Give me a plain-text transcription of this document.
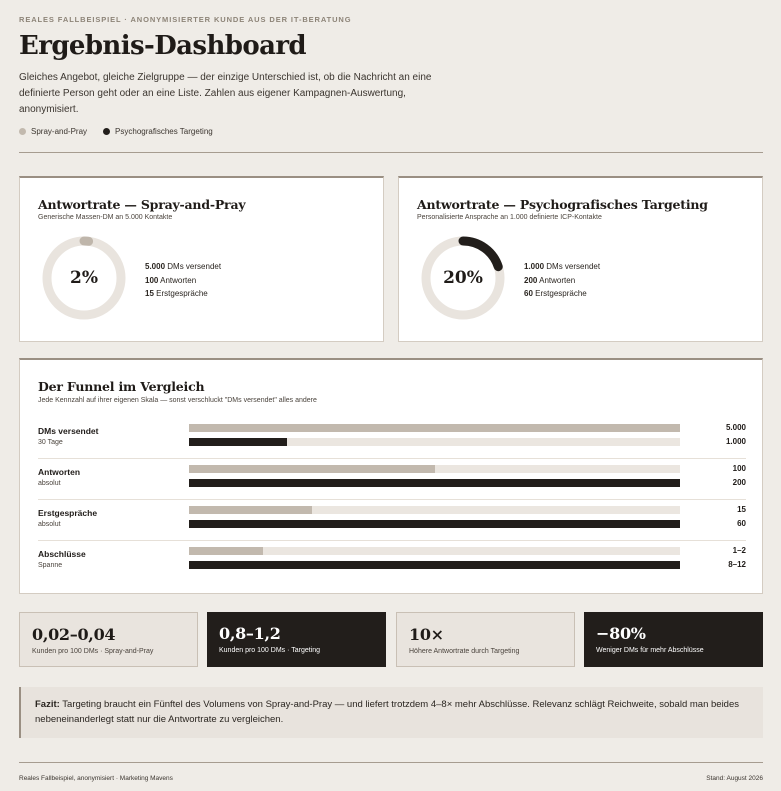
REALES FALLBEISPIEL · ANONYMISIERTER KUNDE AUS DER IT-BERATUNG
Ergebnis-Dashboard
Gleiches Angebot, gleiche Zielgruppe — der einzige Unterschied ist, ob die Nachricht an eine definierte Person geht oder an eine Liste. Zahlen aus eigener Kampagnen-Auswertung, anonymisiert.
Spray-and-Pray	Psychografisches Targeting
Antwortrate — Spray-and-Pray
Generische Massen-DM an 5.000 Kontakte
2%
5.000 DMs versendet
100 Antworten
15 Erstgespräche
Antwortrate — Psychografisches Targeting
Personalisierte Ansprache an 1.000 definierte ICP-Kontakte
20%
1.000 DMs versendet
200 Antworten
60 Erstgespräche
Der Funnel im Vergleich
Jede Kennzahl auf ihrer eigenen Skala — sonst verschluckt "DMs versendet" alles andere
DMs versendet
30 Tage
5.000
1.000
Antworten
absolut
100
200
Erstgespräche
absolut
15
60
Abschlüsse
Spanne
1–2
8–12
0,02–0,04
Kunden pro 100 DMs · Spray-and-Pray
0,8–1,2
Kunden pro 100 DMs · Targeting
10×
Höhere Antwortrate durch Targeting
−80%
Weniger DMs für mehr Abschlüsse
Fazit: Targeting braucht ein Fünftel des Volumens von Spray-and-Pray — und liefert trotzdem 4–8× mehr Abschlüsse. Relevanz schlägt Reichweite, sobald man beides nebeneinanderlegt statt nur die Antwortrate zu vergleichen.
Reales Fallbeispiel, anonymisiert · Marketing Mavens	Stand: August 2026
